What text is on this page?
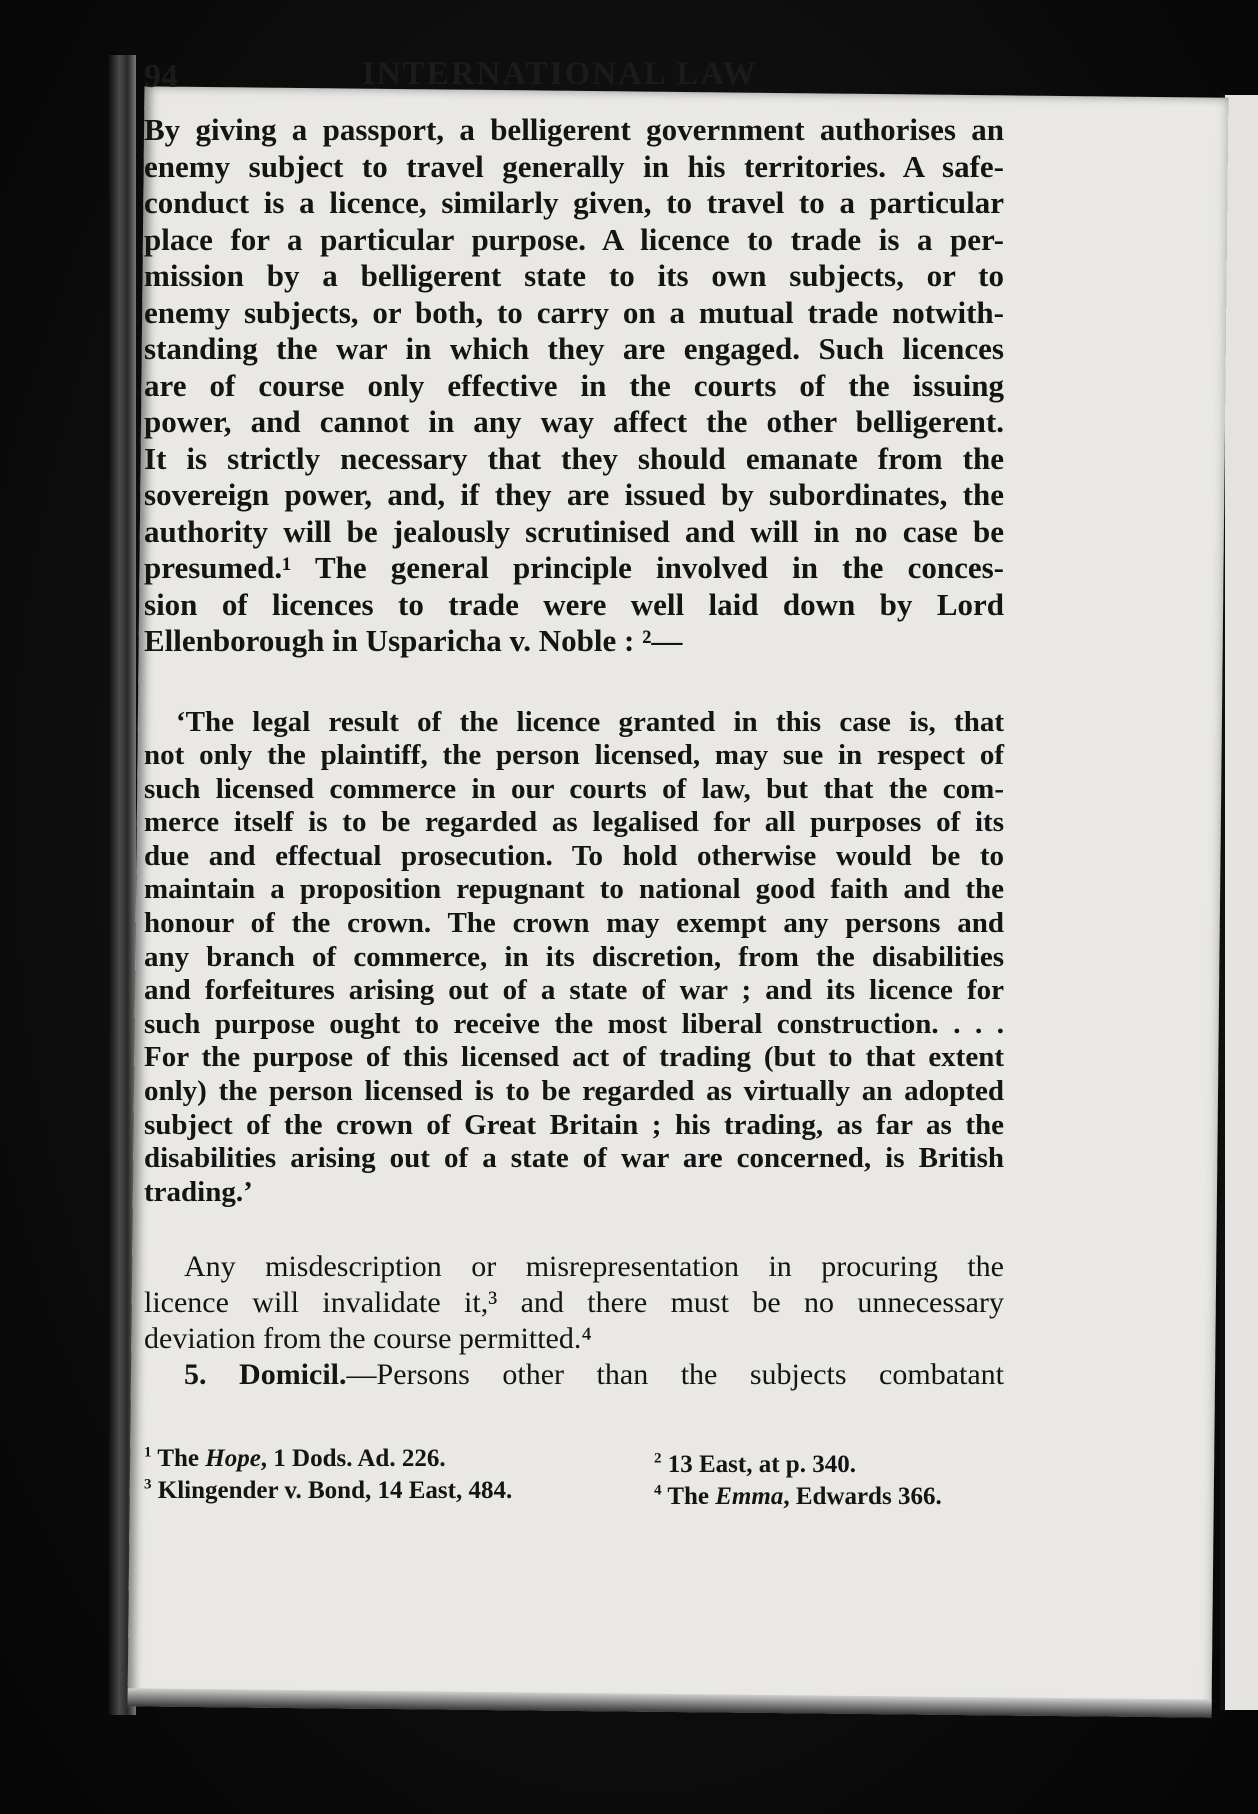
94	INTERNATIONAL LAW
By giving a passport, a belligerent government authorises an
enemy subject to travel generally in his territories. A safe-
conduct is a licence, similarly given, to travel to a particular
place for a particular purpose. A licence to trade is a per-
mission by a belligerent state to its own subjects, or to
enemy subjects, or both, to carry on a mutual trade notwith-
standing the war in which they are engaged. Such licences
are of course only effective in the courts of the issuing
power, and cannot in any way affect the other belligerent.
It is strictly necessary that they should emanate from the
sovereign power, and, if they are issued by subordinates, the
authority will be jealously scrutinised and will in no case be
presumed.¹ The general principle involved in the conces-
sion of licences to trade were well laid down by Lord
Ellenborough in Usparicha v. Noble : ²—
‘The legal result of the licence granted in this case is, that
not only the plaintiff, the person licensed, may sue in respect of
such licensed commerce in our courts of law, but that the com-
merce itself is to be regarded as legalised for all purposes of its
due and effectual prosecution. To hold otherwise would be to
maintain a proposition repugnant to national good faith and the
honour of the crown. The crown may exempt any persons and
any branch of commerce, in its discretion, from the disabilities
and forfeitures arising out of a state of war ; and its licence for
such purpose ought to receive the most liberal construction. . . .
For the purpose of this licensed act of trading (but to that extent
only) the person licensed is to be regarded as virtually an adopted
subject of the crown of Great Britain ; his trading, as far as the
disabilities arising out of a state of war are concerned, is British
trading.’
Any misdescription or misrepresentation in procuring the
licence will invalidate it,³ and there must be no unnecessary
deviation from the course permitted.⁴
5. Domicil.—Persons other than the subjects combatant
$^1$ The Hope, 1 Dods. Ad. 226.	$^2$ 13 East, at p. 340.
$^3$ Klingender v. Bond, 14 East, 484.	$^4$ The Emma, Edwards 366.
